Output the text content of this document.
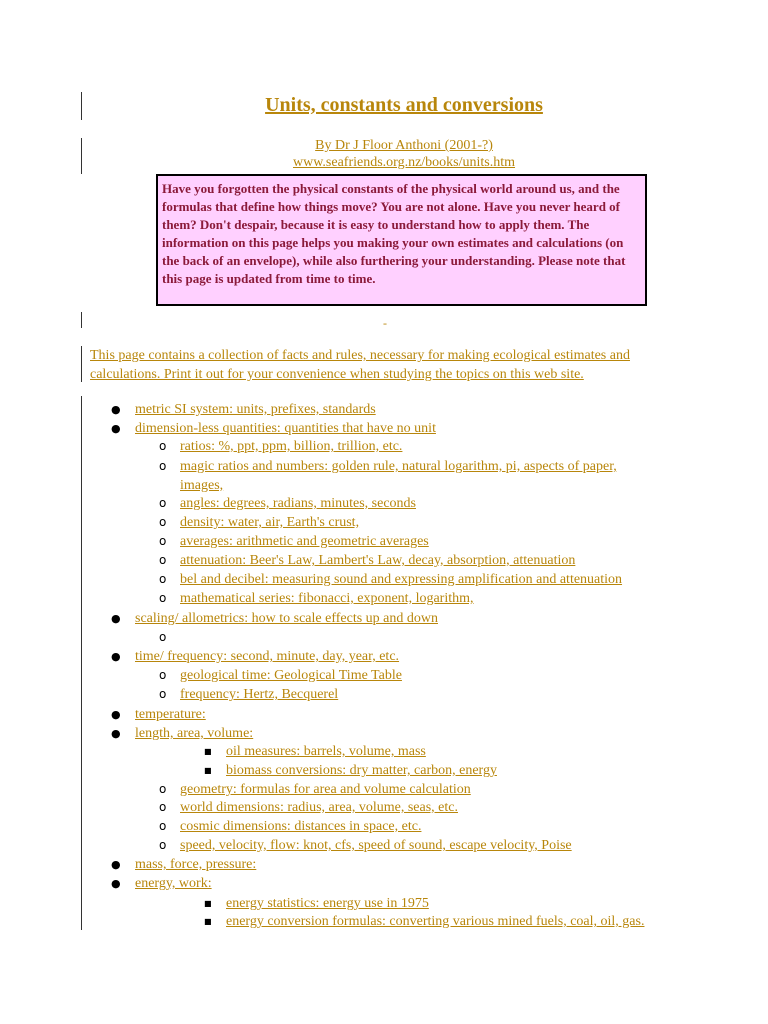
Units, constants and conversions
By Dr J Floor Anthoni (2001-?)
www.seafriends.org.nz/books/units.htm
Have you forgotten the physical constants of the physical world around us, and the formulas that define how things move? You are not alone. Have you never heard of them? Don't despair, because it is easy to understand how to apply them. The information on this page helps you making your own estimates and calculations (on the back of an envelope), while also furthering your understanding. Please note that this page is updated from time to time.
-
This page contains a collection of facts and rules, necessary for making ecological estimates and calculations. Print it out for your convenience when studying the topics on this web site.
● metric SI system: units, prefixes, standards
● dimension-less quantities: quantities that have no unit
o ratios: %, ppt, ppm, billion, trillion, etc.
o magic ratios and numbers: golden rule, natural logarithm, pi, aspects of paper, images,
o angles: degrees, radians, minutes, seconds
o density: water, air, Earth's crust,
o averages: arithmetic and geometric averages
o attenuation: Beer's Law, Lambert's Law, decay, absorption, attenuation
o bel and decibel: measuring sound and expressing amplification and attenuation
o mathematical series: fibonacci, exponent, logarithm,
● scaling/ allometrics: how to scale effects up and down
o
● time/ frequency: second, minute, day, year, etc.
o geological time: Geological Time Table
o frequency: Hertz, Becquerel
● temperature:
● length, area, volume:
■ oil measures: barrels, volume, mass
■ biomass conversions: dry matter, carbon, energy
o geometry: formulas for area and volume calculation
o world dimensions: radius, area, volume, seas, etc.
o cosmic dimensions: distances in space, etc.
o speed, velocity, flow: knot, cfs, speed of sound, escape velocity, Poise
● mass, force, pressure:
● energy, work:
■ energy statistics: energy use in 1975
■ energy conversion formulas: converting various mined fuels, coal, oil, gas.
